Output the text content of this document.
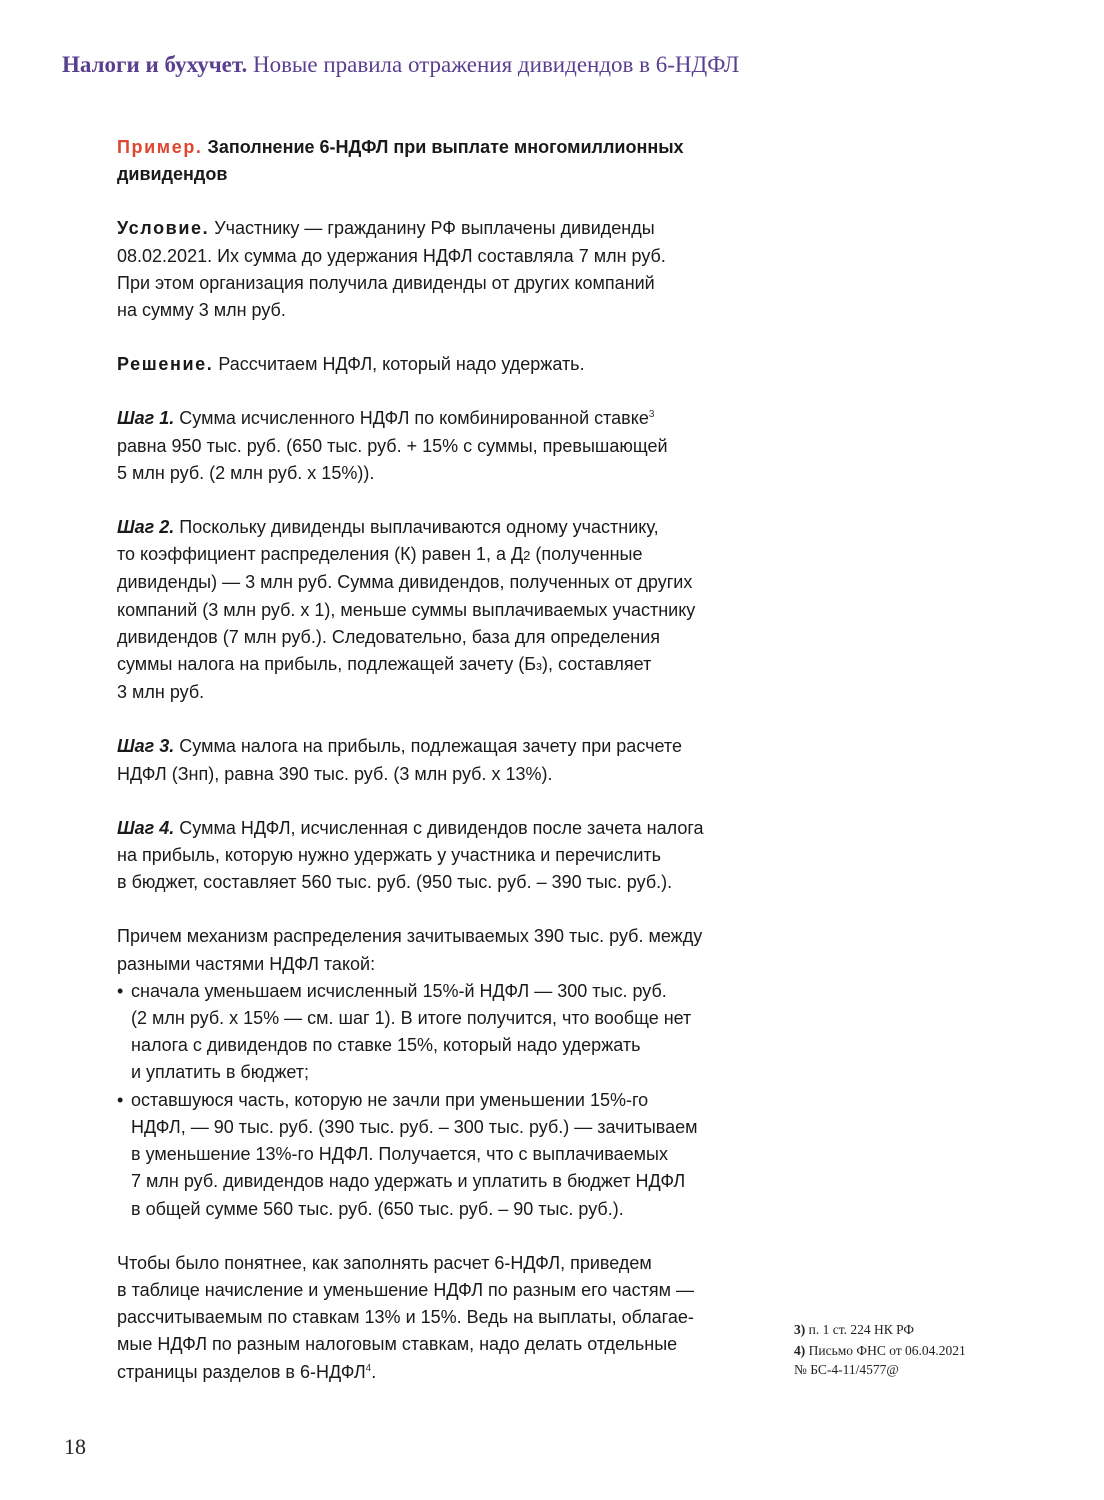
Налоги и бухучет. Новые правила отражения дивидендов в 6-НДФЛ

Пример. Заполнение 6-НДФЛ при выплате многомиллионных
дивидендов

Условие. Участнику — гражданину РФ выплачены дивиденды
08.02.2021. Их сумма до удержания НДФЛ составляла 7 млн руб.
При этом организация получила дивиденды от других компаний
на сумму 3 млн руб.

Решение. Рассчитаем НДФЛ, который надо удержать.

Шаг 1. Сумма исчисленного НДФЛ по комбинированной ставке$^3$
равна 950 тыс. руб. (650 тыс. руб. + 15% с суммы, превышающей
5 млн руб. (2 млн руб. x 15%)).

Шаг 2. Поскольку дивиденды выплачиваются одному участнику,
то коэффициент распределения (К) равен 1, а Д2 (полученные
дивиденды) — 3 млн руб. Сумма дивидендов, полученных от других
компаний (3 млн руб. x 1), меньше суммы выплачиваемых участнику
дивидендов (7 млн руб.). Следовательно, база для определения
суммы налога на прибыль, подлежащей зачету (Бз), составляет
3 млн руб.

Шаг 3. Сумма налога на прибыль, подлежащая зачету при расчете
НДФЛ (Знп), равна 390 тыс. руб. (3 млн руб. x 13%).

Шаг 4. Сумма НДФЛ, исчисленная с дивидендов после зачета налога
на прибыль, которую нужно удержать у участника и перечислить
в бюджет, составляет 560 тыс. руб. (950 тыс. руб. – 390 тыс. руб.).

Причем механизм распределения зачитываемых 390 тыс. руб. между
разными частями НДФЛ такой:

• сначала уменьшаем исчисленный 15%-й НДФЛ — 300 тыс. руб.
(2 млн руб. x 15% — см. шаг 1). В итоге получится, что вообще нет
налога с дивидендов по ставке 15%, который надо удержать
и уплатить в бюджет;
• оставшуюся часть, которую не зачли при уменьшении 15%-го
НДФЛ, — 90 тыс. руб. (390 тыс. руб. – 300 тыс. руб.) — зачитываем
в уменьшение 13%-го НДФЛ. Получается, что с выплачиваемых
7 млн руб. дивидендов надо удержать и уплатить в бюджет НДФЛ
в общей сумме 560 тыс. руб. (650 тыс. руб. – 90 тыс. руб.).

Чтобы было понятнее, как заполнять расчет 6-НДФЛ, приведем
в таблице начисление и уменьшение НДФЛ по разным его частям —
рассчитываемым по ставкам 13% и 15%. Ведь на выплаты, облагае-
мые НДФЛ по разным налоговым ставкам, надо делать отдельные
страницы разделов в 6-НДФЛ$^4$.

3) п. 1 ст. 224 НК РФ
4) Письмо ФНС от 06.04.2021
№ БС-4-11/4577@
18
